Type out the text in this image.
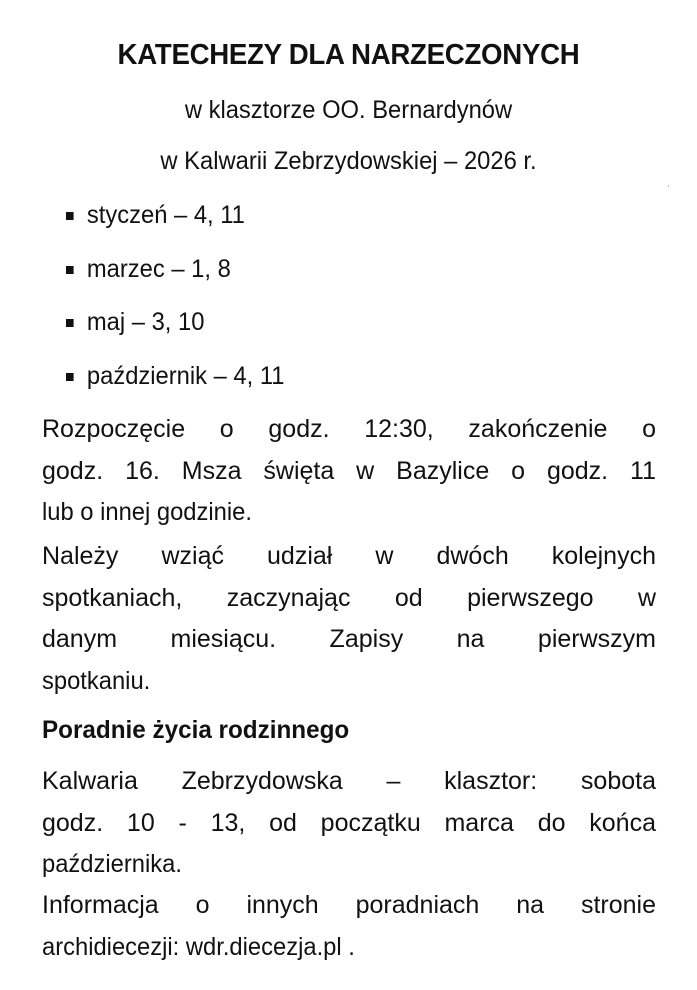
KATECHEZY DLA NARZECZONYCH
w klasztorze OO. Bernardynów
w Kalwarii Zebrzydowskiej – 2026 r.
styczeń – 4, 11
marzec – 1, 8
maj – 3, 10
październik – 4, 11
Rozpoczęcie o godz. 12:30, zakończenie o
godz. 16. Msza święta w Bazylice o godz. 11
lub o innej godzinie.
Należy wziąć udział w dwóch kolejnych
spotkaniach, zaczynając od pierwszego w
danym miesiącu. Zapisy na pierwszym
spotkaniu.
Poradnie życia rodzinnego
Kalwaria Zebrzydowska – klasztor: sobota
godz. 10 - 13, od początku marca do końca
października.
Informacja o innych poradniach na stronie
archidiecezji: wdr.diecezja.pl .
